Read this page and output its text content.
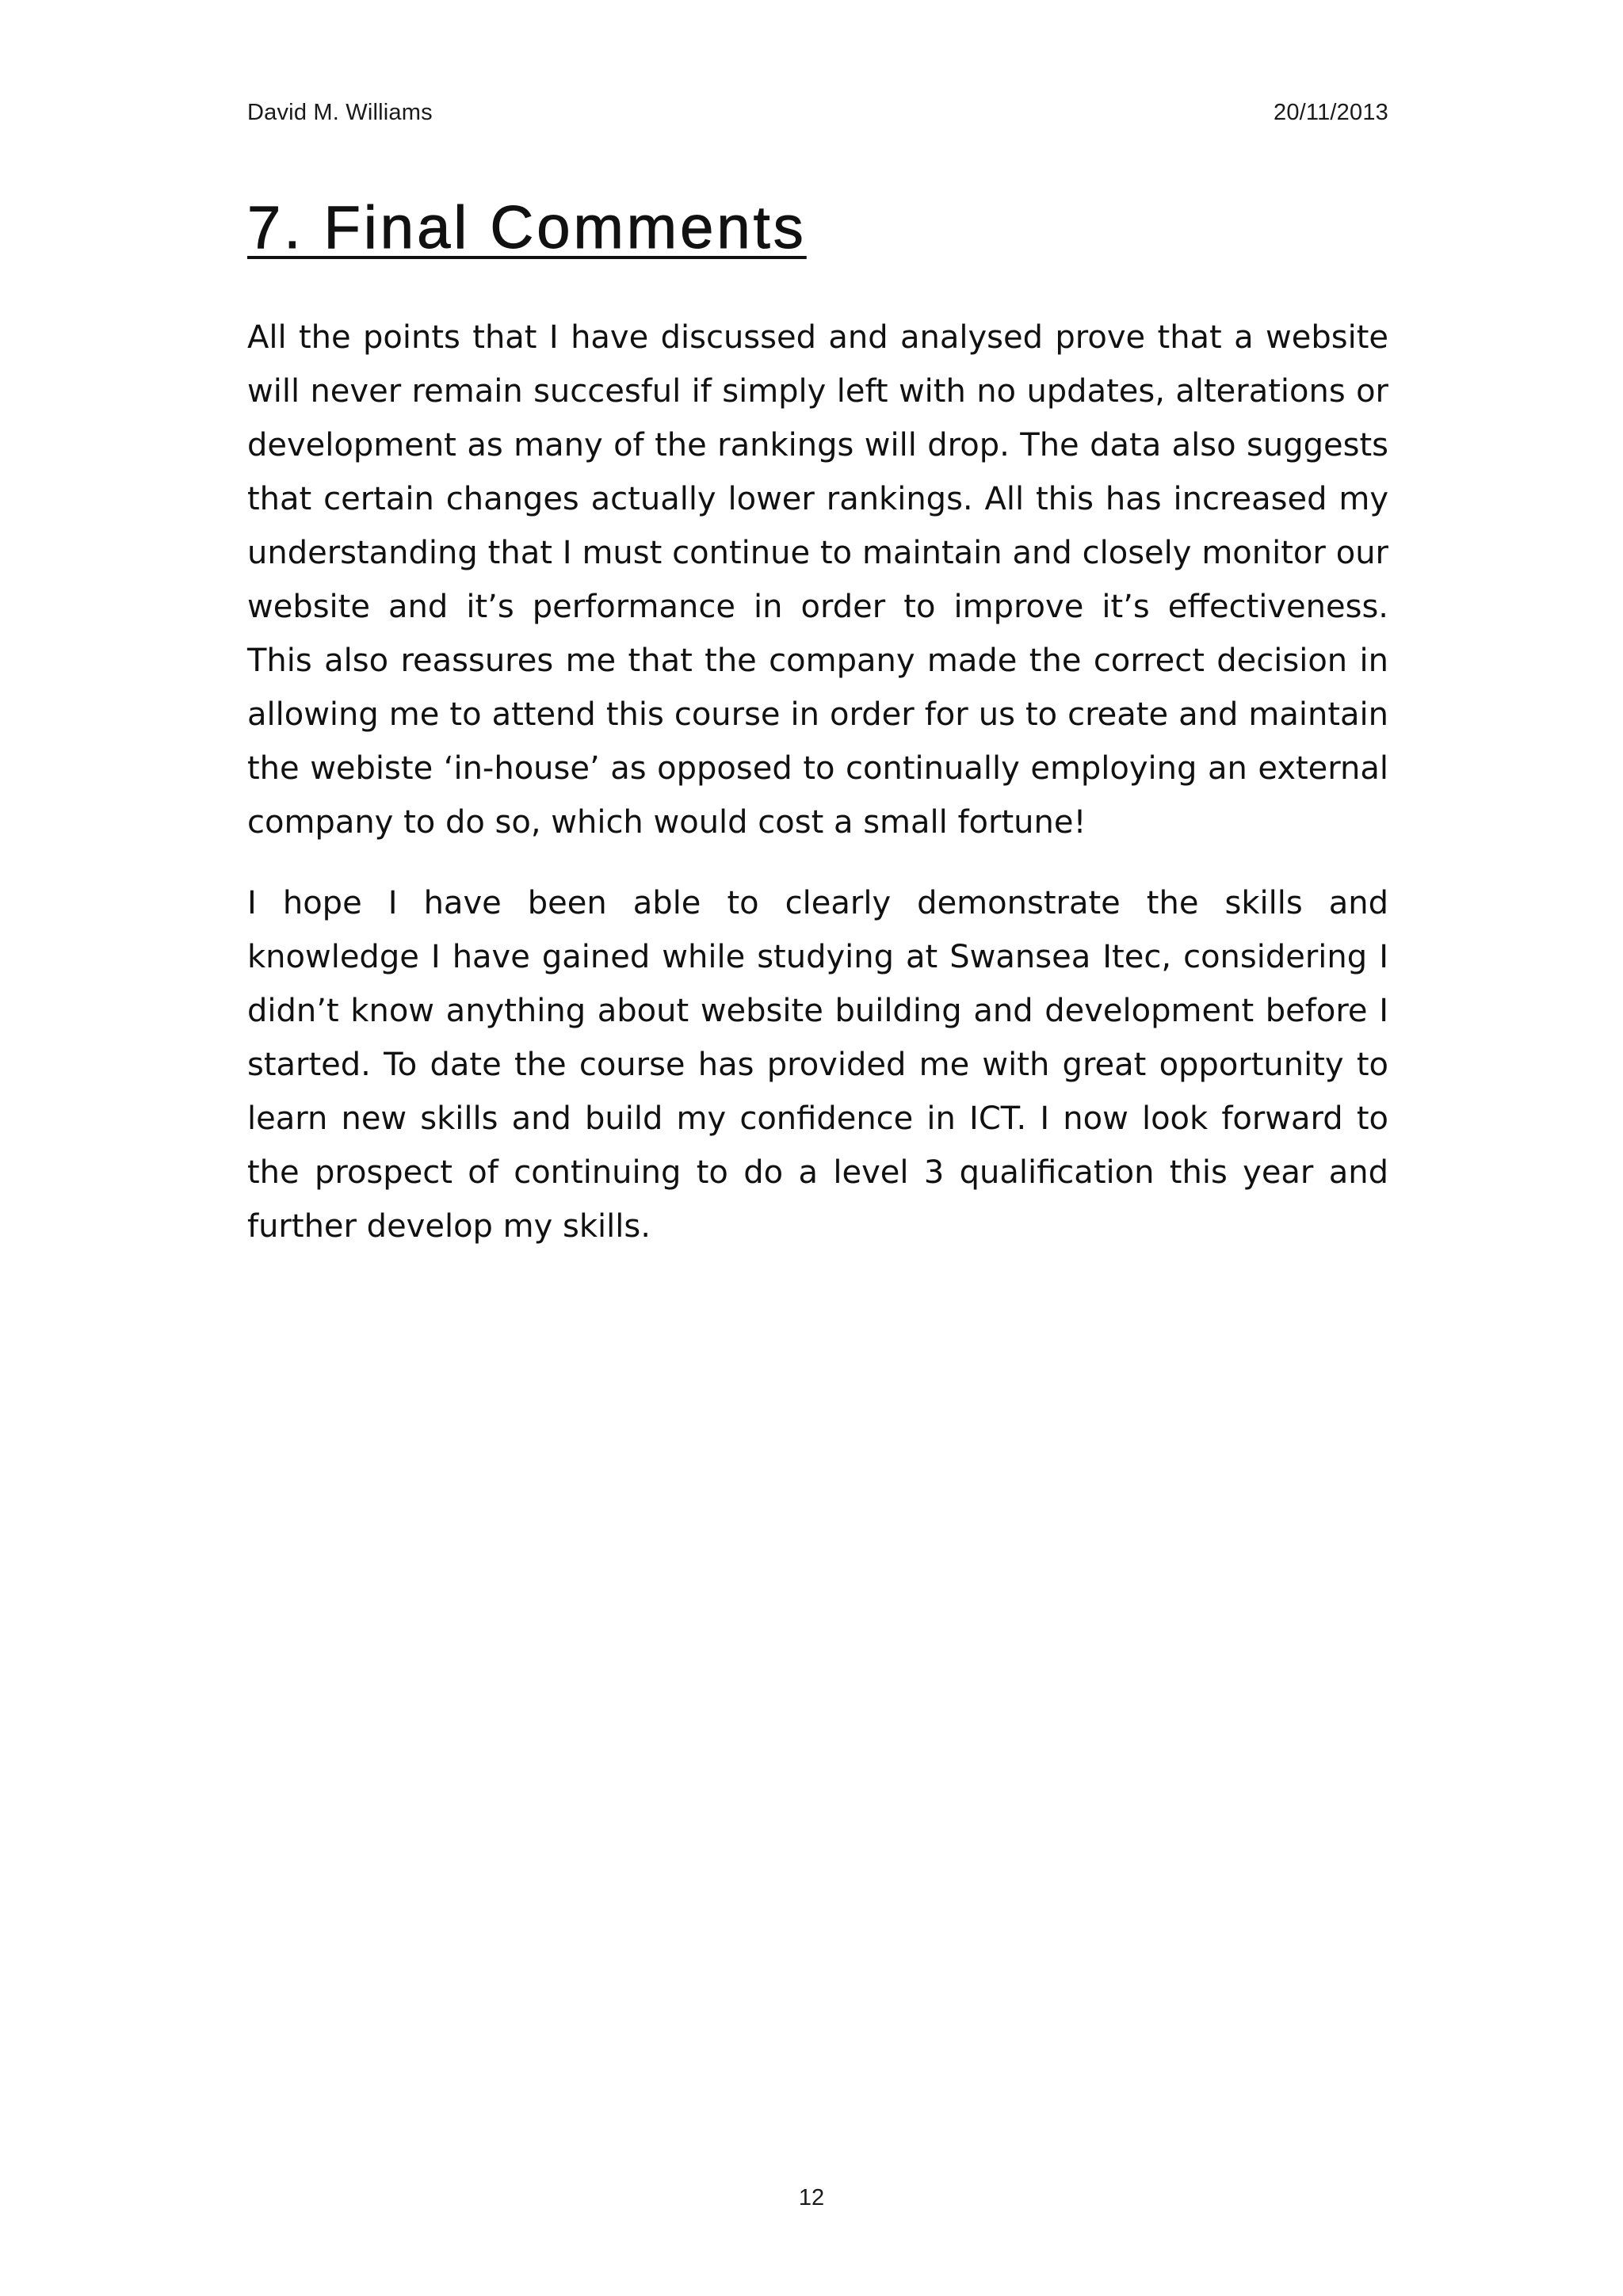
David M. Williams	20/11/2013
7. Final Comments

All the points that I have discussed and analysed prove that a website will never remain succesful if simply left with no updates, alterations or development as many of the rankings will drop. The data also suggests that certain changes actually lower rankings. All this has increased my understanding that I must continue to maintain and closely monitor our website and it’s performance in order to improve it’s effectiveness. This also reassures me that the company made the correct decision in allowing me to attend this course in order for us to create and maintain the webiste ‘in-house’ as opposed to continually employing an external company to do so, which would cost a small fortune!

I hope I have been able to clearly demonstrate the skills and knowledge I have gained while studying at Swansea Itec, considering I didn’t know anything about website building and development before I started. To date the course has provided me with great opportunity to learn new skills and build my confidence in ICT. I now look forward to the prospect of continuing to do a level 3 qualification this year and further develop my skills.

12
